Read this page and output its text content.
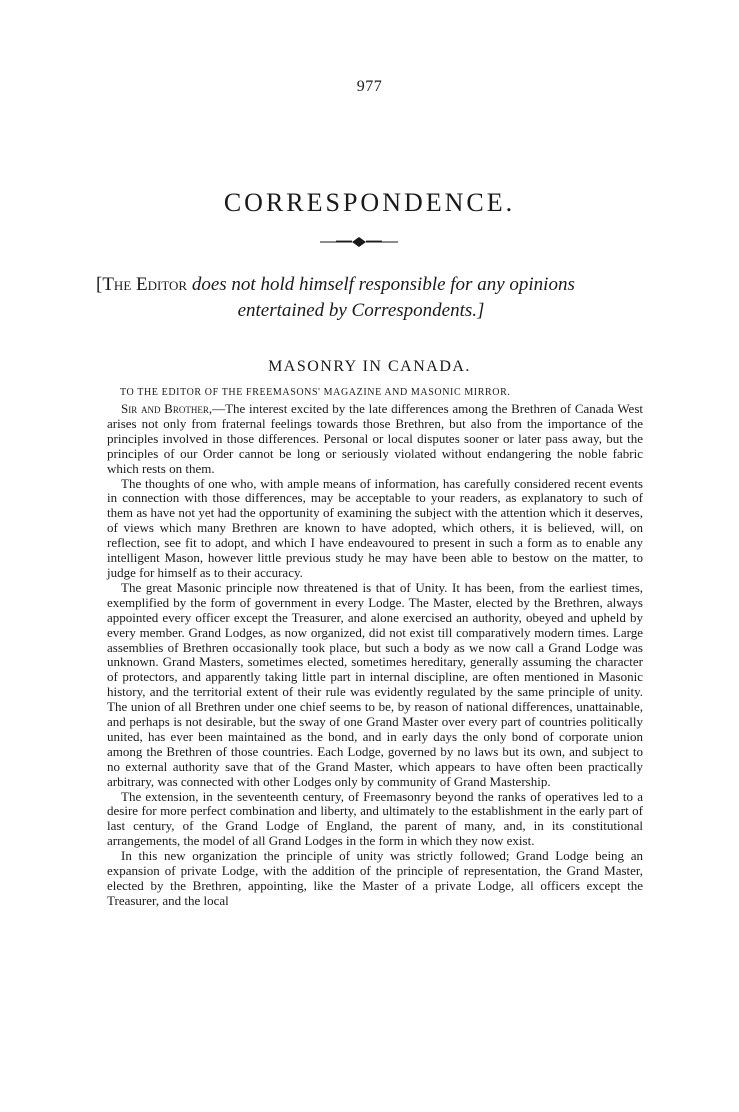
977
CORRESPONDENCE.
[The Editor does not hold himself responsible for any opinions
entertained by Correspondents.]
MASONRY IN CANADA.
TO THE EDITOR OF THE FREEMASONS' MAGAZINE AND MASONIC MIRROR.

Sir and Brother,—The interest excited by the late differences among the Brethren of Canada West arises not only from fraternal feelings towards those Brethren, but also from the importance of the principles involved in those differences. Personal or local disputes sooner or later pass away, but the principles of our Order cannot be long or seriously violated without endangering the noble fabric which rests on them.

The thoughts of one who, with ample means of information, has carefully considered recent events in connection with those differences, may be acceptable to your readers, as explanatory to such of them as have not yet had the opportunity of examining the subject with the attention which it deserves, of views which many Brethren are known to have adopted, which others, it is believed, will, on reflection, see fit to adopt, and which I have endeavoured to present in such a form as to enable any intelligent Mason, however little previous study he may have been able to bestow on the matter, to judge for himself as to their accuracy.

The great Masonic principle now threatened is that of Unity. It has been, from the earliest times, exemplified by the form of government in every Lodge. The Master, elected by the Brethren, always appointed every officer except the Treasurer, and alone exercised an authority, obeyed and upheld by every member. Grand Lodges, as now organized, did not exist till comparatively modern times. Large assemblies of Brethren occasionally took place, but such a body as we now call a Grand Lodge was unknown. Grand Masters, sometimes elected, sometimes hereditary, generally assuming the character of protectors, and apparently taking little part in internal discipline, are often mentioned in Masonic history, and the territorial extent of their rule was evidently regulated by the same principle of unity. The union of all Brethren under one chief seems to be, by reason of national differences, unattainable, and perhaps is not desirable, but the sway of one Grand Master over every part of countries politically united, has ever been maintained as the bond, and in early days the only bond of corporate union among the Brethren of those countries. Each Lodge, governed by no laws but its own, and subject to no external authority save that of the Grand Master, which appears to have often been practically arbitrary, was connected with other Lodges only by community of Grand Mastership.

The extension, in the seventeenth century, of Freemasonry beyond the ranks of operatives led to a desire for more perfect combination and liberty, and ultimately to the establishment in the early part of last century, of the Grand Lodge of England, the parent of many, and, in its constitutional arrangements, the model of all Grand Lodges in the form in which they now exist.

In this new organization the principle of unity was strictly followed; Grand Lodge being an expansion of private Lodge, with the addition of the principle of representation, the Grand Master, elected by the Brethren, appointing, like the Master of a private Lodge, all officers except the Treasurer, and the local
